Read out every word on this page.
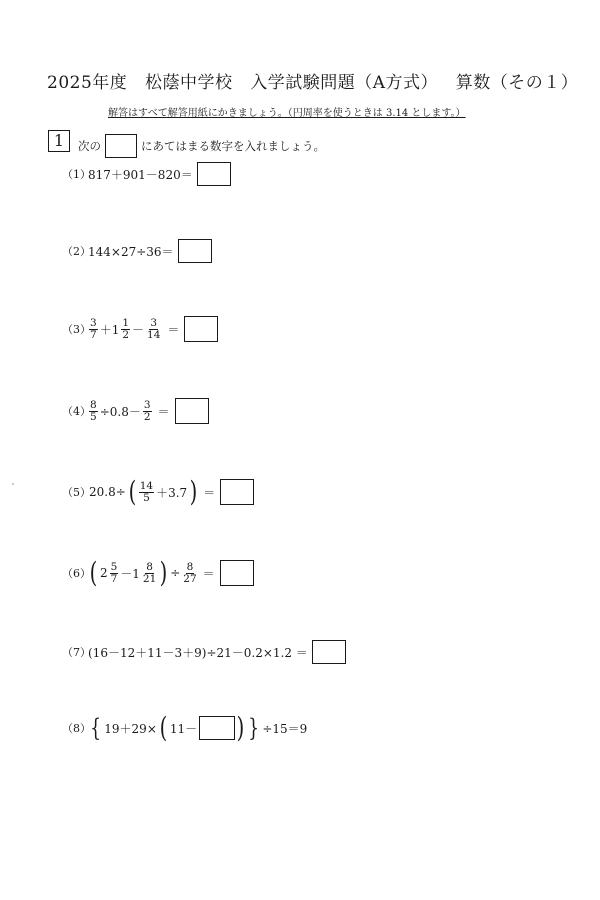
2025年度 松蔭中学校 入学試験問題（A方式） 算数（その１）
解答はすべて解答用紙にかきましょう。（円周率を使うときは 3.14 とします。）
1	次の	にあてはまる数字を入れましょう。
（1）
817＋901－820＝
（2）
144×27÷36＝
（3）
$\frac{3}{7} +1 \frac{1}{2} - \frac{3}{14}$ ＝
（4）
$\frac{8}{5} \div 0.8- \frac{3}{2}$ ＝
（5）
20.8÷ ( $\frac{14}{5} +3.7$ ) ＝
（6）
( $2 \frac{5}{7} -1 \frac{8}{21}$ ) ÷ $\frac{8}{27}$ ＝
（7）
(16－12＋11－3＋9)÷21－0.2×1.2 ＝
（8） { 19＋29× ( 11－ ) } ÷15＝9
